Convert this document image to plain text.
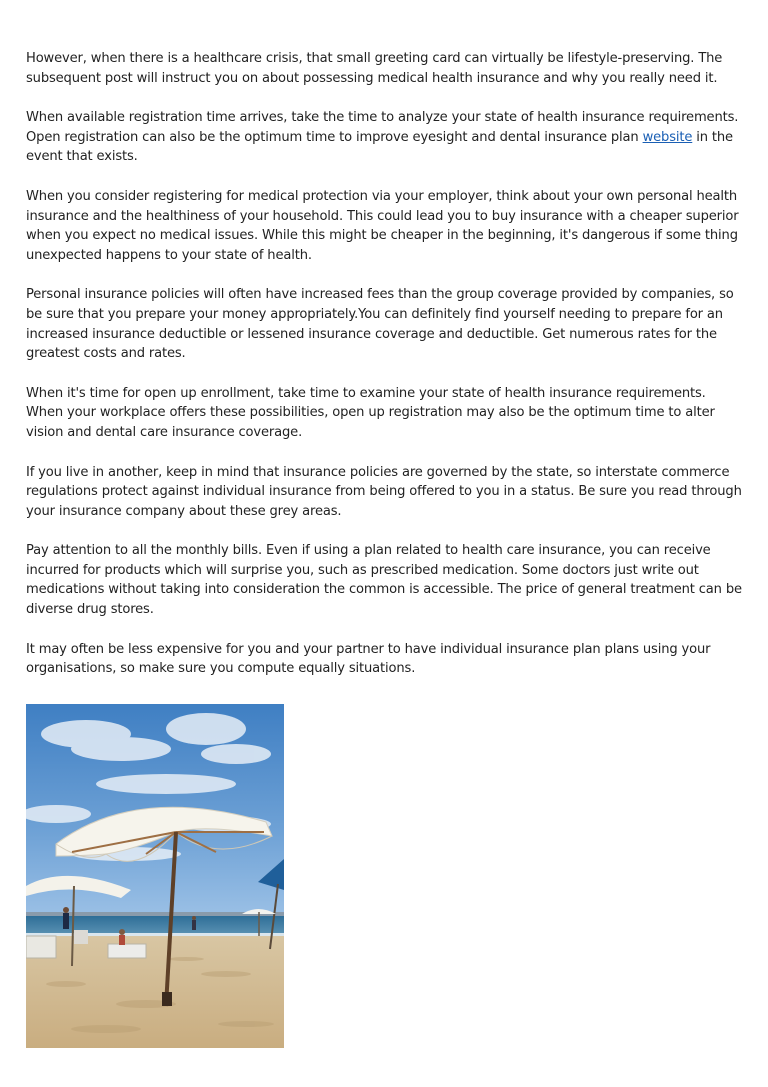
However, when there is a healthcare crisis, that small greeting card can virtually be lifestyle-preserving. The subsequent post will instruct you on about possessing medical health insurance and why you really need it.

When available registration time arrives, take the time to analyze your state of health insurance requirements. Open registration can also be the optimum time to improve eyesight and dental insurance plan website in the event that exists.

When you consider registering for medical protection via your employer, think about your own personal health insurance and the healthiness of your household. This could lead you to buy insurance with a cheaper superior when you expect no medical issues. While this might be cheaper in the beginning, it's dangerous if some thing unexpected happens to your state of health.

Personal insurance policies will often have increased fees than the group coverage provided by companies, so be sure that you prepare your money appropriately.You can definitely find yourself needing to prepare for an increased insurance deductible or lessened insurance coverage and deductible. Get numerous rates for the greatest costs and rates.

When it's time for open up enrollment, take time to examine your state of health insurance requirements. When your workplace offers these possibilities, open up registration may also be the optimum time to alter vision and dental care insurance coverage.

If you live in another, keep in mind that insurance policies are governed by the state, so interstate commerce regulations protect against individual insurance from being offered to you in a status. Be sure you read through your insurance company about these grey areas.

Pay attention to all the monthly bills. Even if using a plan related to health care insurance, you can receive incurred for products which will surprise you, such as prescribed medication. Some doctors just write out medications without taking into consideration the common is accessible. The price of general treatment can be diverse drug stores.

It may often be less expensive for you and your partner to have individual insurance plan plans using your organisations, so make sure you compute equally situations.
